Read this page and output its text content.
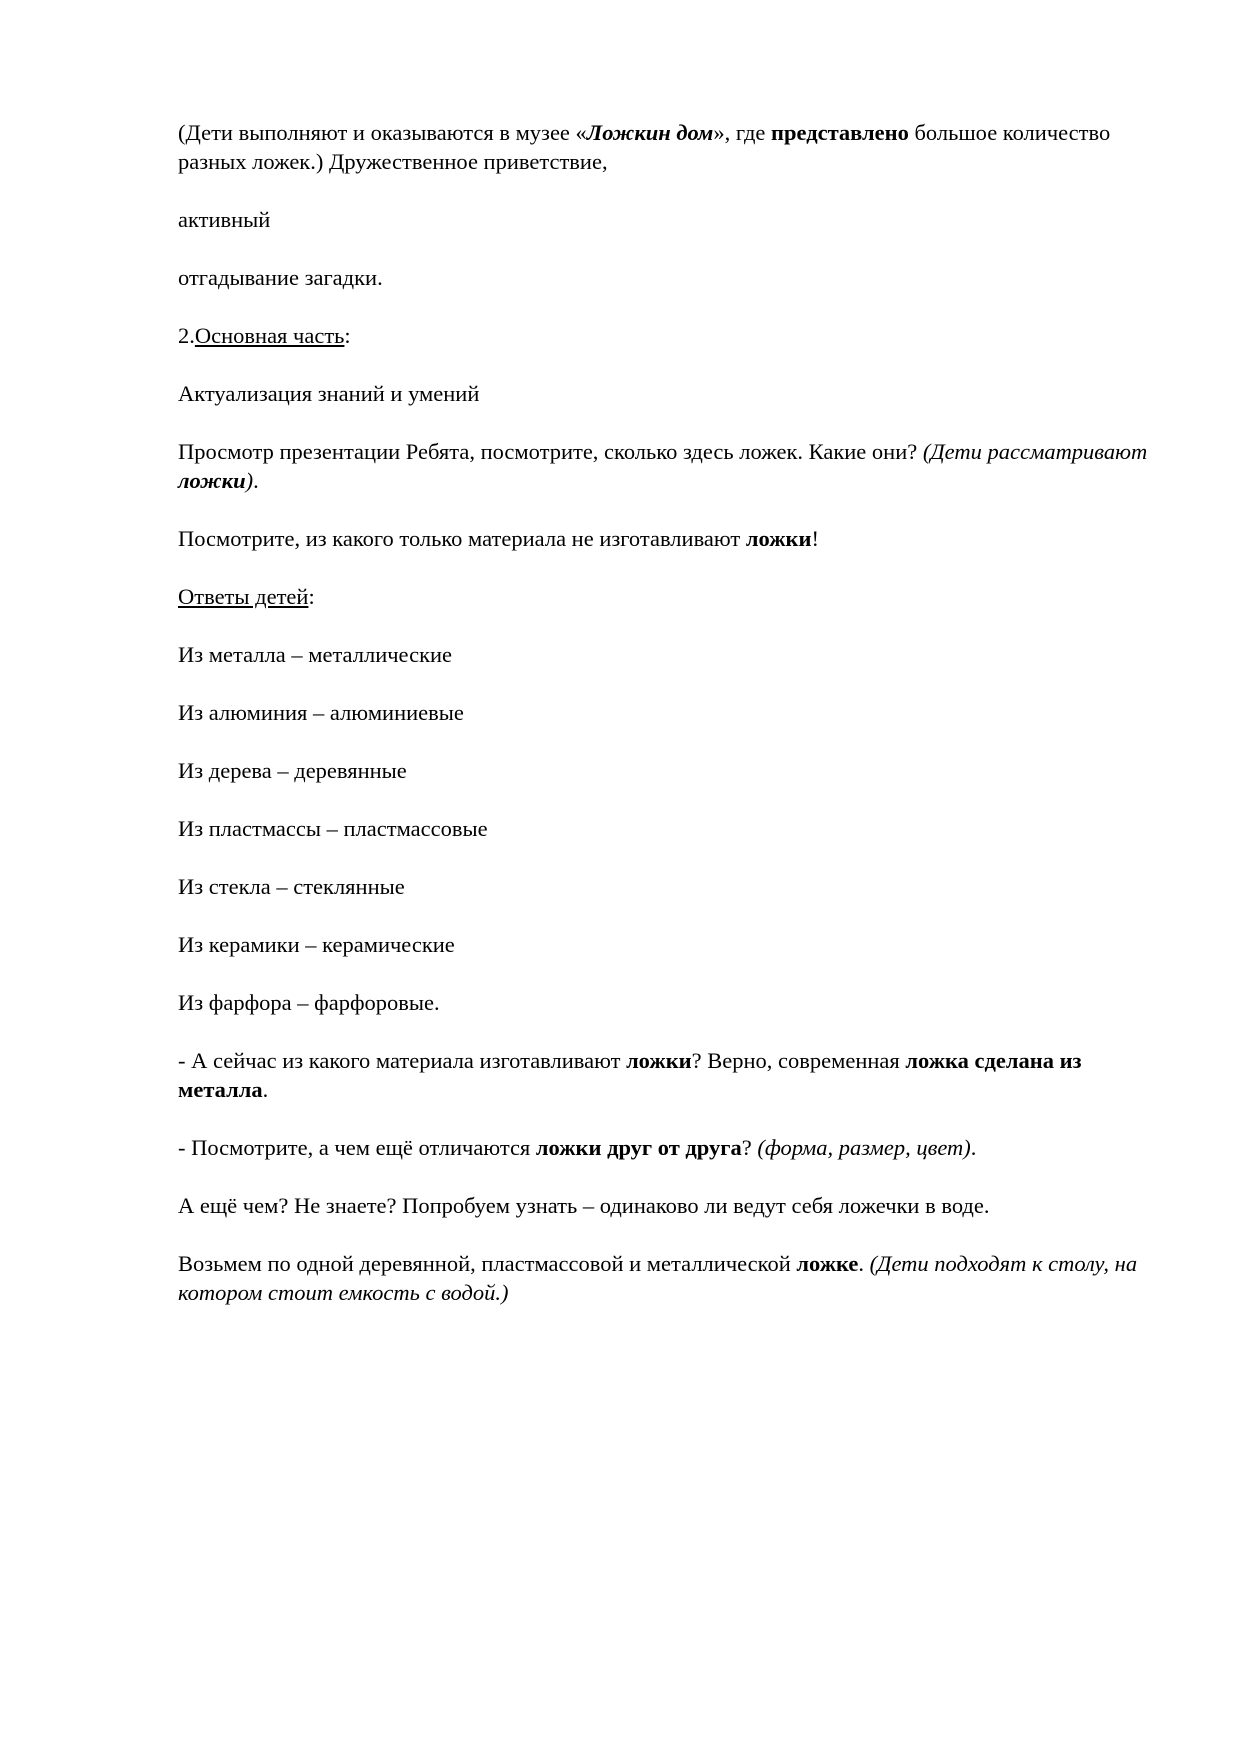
(Дети выполняют и оказываются в музее «Ложкин дом», где представлено большое количество разных ложек.) Дружественное приветствие,

активный

отгадывание загадки.

2.Основная часть:

Актуализация знаний и умений

Просмотр презентации Ребята, посмотрите, сколько здесь ложек. Какие они? (Дети рассматривают ложки).

Посмотрите, из какого только материала не изготавливают ложки!

Ответы детей:

Из металла – металлические

Из алюминия – алюминиевые

Из дерева – деревянные

Из пластмассы – пластмассовые

Из стекла – стеклянные

Из керамики – керамические

Из фарфора – фарфоровые.

- А сейчас из какого материала изготавливают ложки? Верно, современная ложка сделана из металла.

- Посмотрите, а чем ещё отличаются ложки друг от друга? (форма, размер, цвет).

А ещё чем? Не знаете? Попробуем узнать – одинаково ли ведут себя ложечки в воде.

Возьмем по одной деревянной, пластмассовой и металлической ложке. (Дети подходят к столу, на котором стоит емкость с водой.)
